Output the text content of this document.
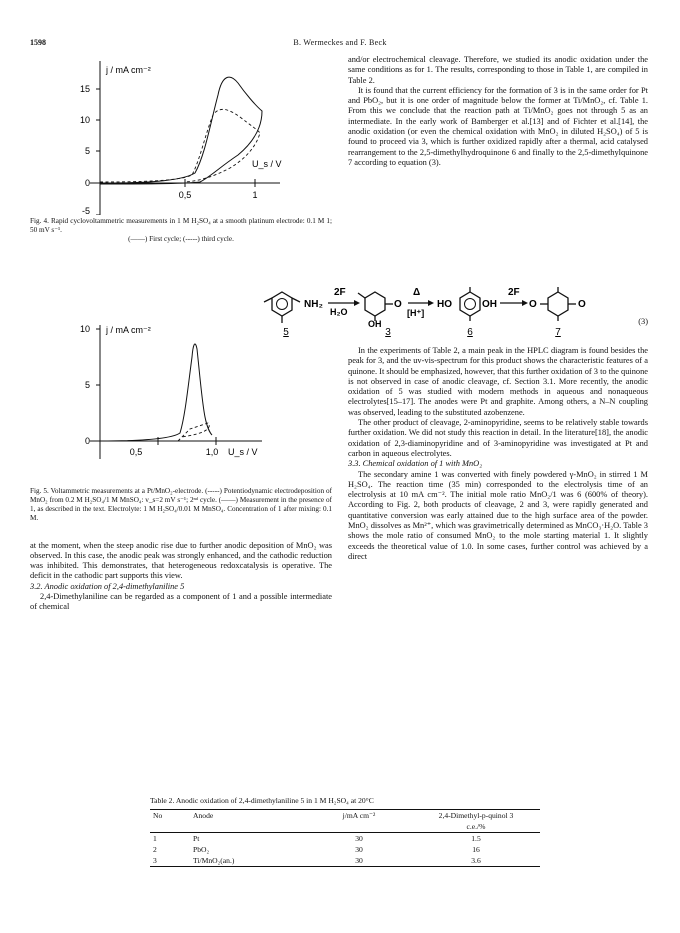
1598	B. Wermeckes and F. Beck
15
10
5
0
-5
0,5	1
j / mA cm⁻²
U_s / V
Fig. 4. Rapid cyclovoltammetric measurements in 1 M H₂SO₄ at a smooth platinum electrode: 0.1 M 1; 50 mV s⁻¹.
(——) First cycle; (-----) third cycle.
10
5
0
0,5	1,0
j / mA cm⁻²
U_s / V
Fig. 5. Voltammetric measurements at a Pt/MnO₂-electrode. (-----) Potentiodynamic electrodeposition of MnO₂ from 0.2 M H₂SO₄/1 M MnSO₄: v_s=2 mV s⁻¹; 2ⁿᵈ cycle. (——) Measurement in the presence of 1, as described in the text. Electrolyte: 1 M H₂SO₄/0.01 M MnSO₄. Concentration of 1 after mixing: 0.1 M.

at the moment, when the steep anodic rise due to further anodic deposition of MnO₂ was observed. In this case, the anodic peak was strongly enhanced, and the cathodic reduction was inhibited. This demonstrates, that heterogeneous redoxcatalysis is operative. The deficit in the cathodic part supports this view.

3.2. Anodic oxidation of 2,4-dimethylaniline 5

2,4-Dimethylaniline can be regarded as a component of 1 and a possible intermediate of chemical

and/or electrochemical cleavage. Therefore, we studied its anodic oxidation under the same conditions as for 1. The results, corresponding to those in Table 1, are compiled in Table 2.

It is found that the current efficiency for the formation of 3 is in the same order for Pt and PbO₂, but it is one order of magnitude below the former at Ti/MnO₂, cf. Table 1. From this we conclude that the reaction path at Ti/MnO₂ goes not through 5 as an intermediate. In the early work of Bamberger et al.[13] and of Fichter et al.[14], the anodic oxidation (or even the chemical oxidation with MnO₂ in diluted H₂SO₄) of 5 is found to proceed via 3, which is further oxidized rapidly after a thermal, acid catalysed rearrangement to the 2,5-dimethylhydroquinone 6 and finally to the 2,5-dimethylquinone 7 according to equation (3).

NH₂
5
2F
H₂O
O
OH
3
Δ
[H⁺]
HO	OH
6
2F
O	O
7
(3)

In the experiments of Table 2, a main peak in the HPLC diagram is found besides the peak for 3, and the uv-vis-spectrum for this product shows the characteristic features of a quinone. It should be emphasized, however, that this further oxidation of 3 to the quinone is not observed in case of anodic cleavage, cf. Section 3.1. More recently, the anodic oxidation of 5 was studied with modern methods in aqueous and nonaqueous electrolytes[15–17]. The anodes were Pt and graphite. Among others, a N–N coupling was observed, leading to the substituted azobenzene.

The other product of cleavage, 2-aminopyridine, seems to be relatively stable towards further oxidation. We did not study this reaction in detail. In the literature[18], the anodic oxidation of 2,3-diaminopyridine and of 3-aminopyridine was investigated at Pt and carbon in aqueous electrolytes.

3.3. Chemical oxidation of 1 with MnO₂

The secondary amine 1 was converted with finely powdered γ-MnO₂ in stirred 1 M H₂SO₄. The reaction time (35 min) corresponded to the electrolysis time of an electrolysis at 10 mA cm⁻². The initial mole ratio MnO₂/1 was 6 (600% of theory). According to Fig. 2, both products of cleavage, 2 and 3, were rapidly generated and quantitative conversion was early attained due to the high surface area of the powder. MnO₂ dissolves as Mn²⁺, which was gravimetrically determined as MnCO₃·H₂O. Table 3 shows the mole ratio of consumed MnO₂ to the mole starting material 1. It slightly exceeds the theoretical value of 1.0. In some cases, further control was achieved by a direct

Table 2. Anodic oxidation of 2,4-dimethylaniline 5 in 1 M H₂SO₄ at 20°C
No	Anode	j/mA cm⁻²	2,4-Dimethyl-p-quinol 3

			c.e./%
1	Pt	30	1.5
2	PbO₂	30	16
3	Ti/MnO₂(an.)	30	3.6
